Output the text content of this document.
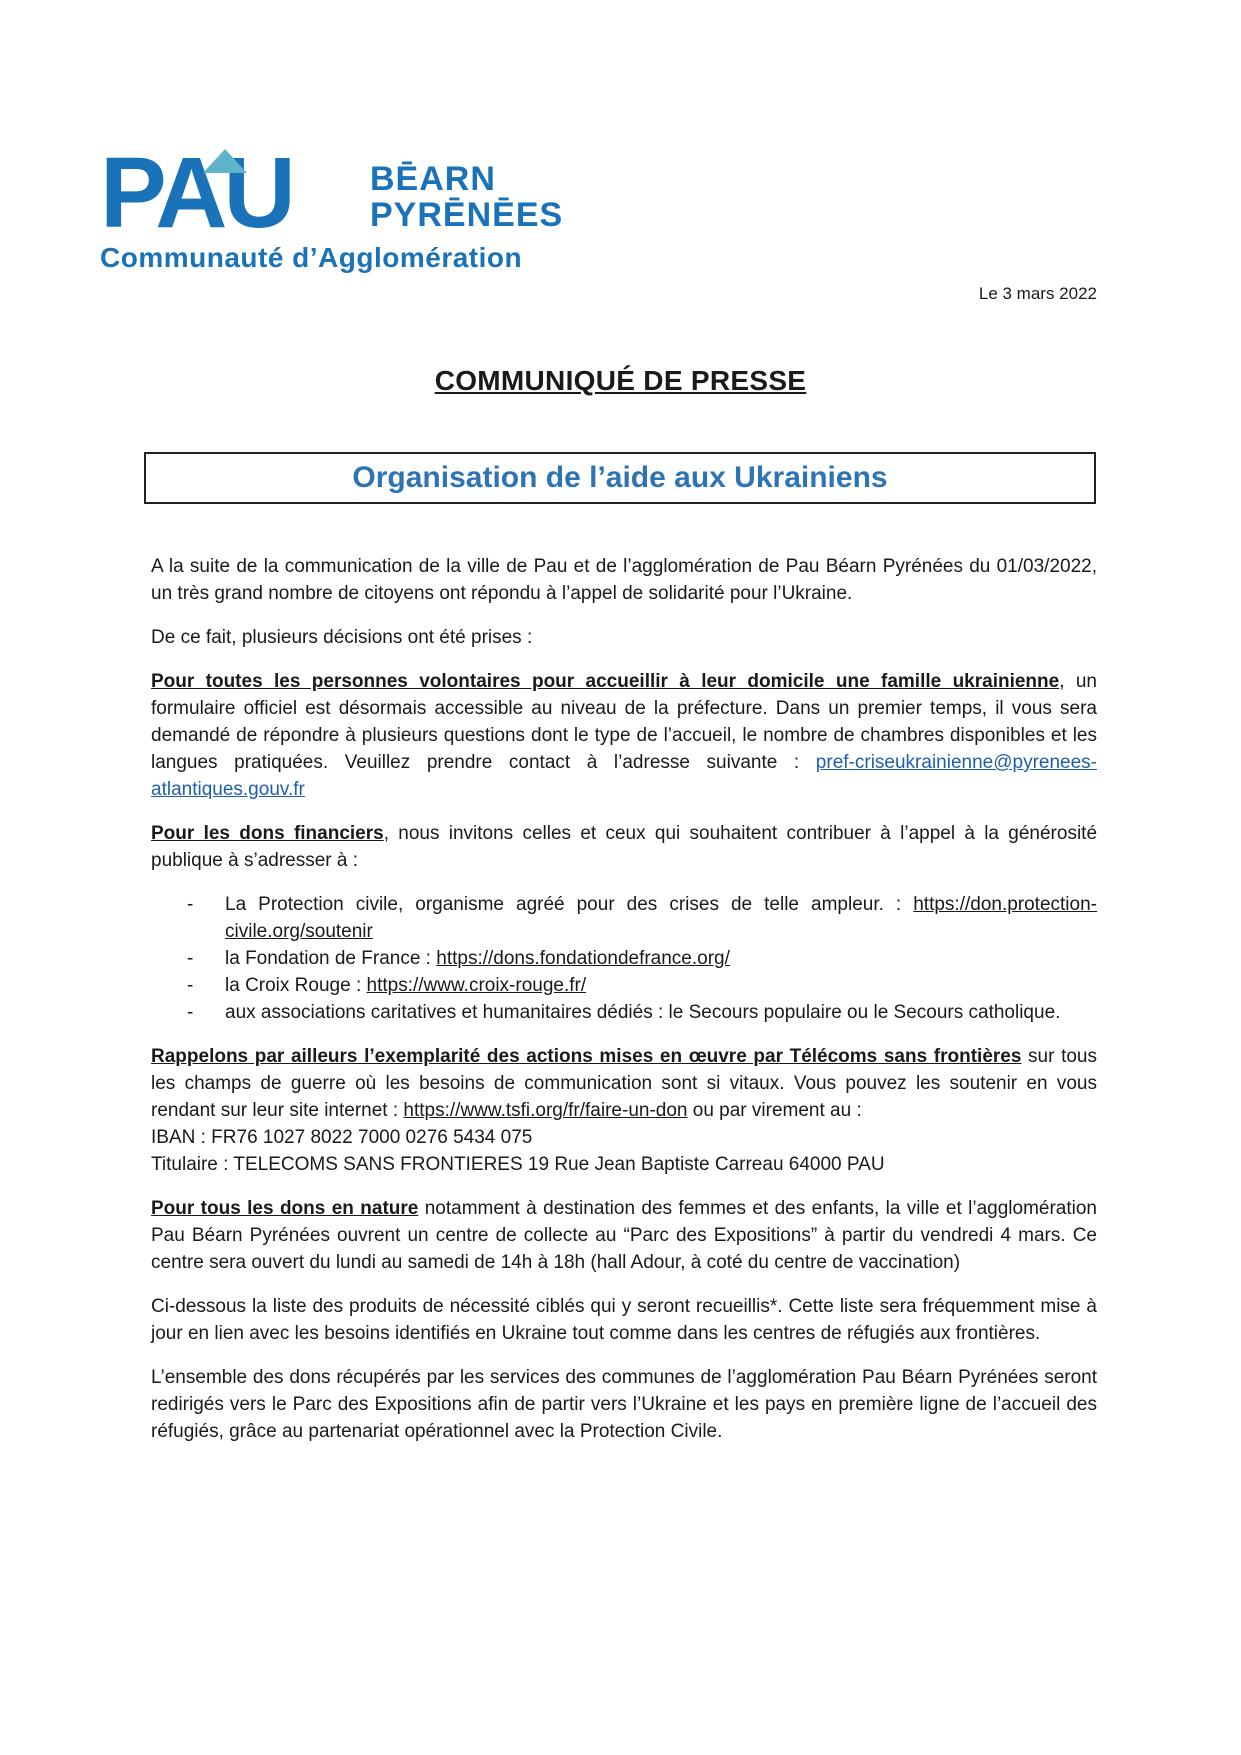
PAU BĒARN
PYRĒNĒES
Communauté d’Agglomération
Le 3 mars 2022
COMMUNIQUÉ DE PRESSE
Organisation de l’aide aux Ukrainiens

A la suite de la communication de la ville de Pau et de l’agglomération de Pau Béarn Pyrénées du 01/03/2022, un très grand nombre de citoyens ont répondu à l’appel de solidarité pour l’Ukraine.

De ce fait, plusieurs décisions ont été prises :

Pour toutes les personnes volontaires pour accueillir à leur domicile une famille ukrainienne, un formulaire officiel est désormais accessible au niveau de la préfecture. Dans un premier temps, il vous sera demandé de répondre à plusieurs questions dont le type de l’accueil, le nombre de chambres disponibles et les langues pratiquées. Veuillez prendre contact à l’adresse suivante : pref-criseukrainienne@pyrenees-atlantiques.gouv.fr

Pour les dons financiers, nous invitons celles et ceux qui souhaitent contribuer à l’appel à la générosité publique à s’adresser à :

- La Protection civile, organisme agréé pour des crises de telle ampleur. : https://don.protection-civile.org/soutenir
- la Fondation de France : https://dons.fondationdefrance.org/
- la Croix Rouge : https://www.croix-rouge.fr/
- aux associations caritatives et humanitaires dédiés : le Secours populaire ou le Secours catholique.

Rappelons par ailleurs l’exemplarité des actions mises en œuvre par Télécoms sans frontières sur tous les champs de guerre où les besoins de communication sont si vitaux. Vous pouvez les soutenir en vous rendant sur leur site internet : https://www.tsfi.org/fr/faire-un-don ou par virement au :
IBAN : FR76 1027 8022 7000 0276 5434 075
Titulaire : TELECOMS SANS FRONTIERES 19 Rue Jean Baptiste Carreau 64000 PAU

Pour tous les dons en nature notamment à destination des femmes et des enfants, la ville et l’agglomération Pau Béarn Pyrénées ouvrent un centre de collecte au “Parc des Expositions” à partir du vendredi 4 mars. Ce centre sera ouvert du lundi au samedi de 14h à 18h (hall Adour, à coté du centre de vaccination)

Ci-dessous la liste des produits de nécessité ciblés qui y seront recueillis*. Cette liste sera fréquemment mise à jour en lien avec les besoins identifiés en Ukraine tout comme dans les centres de réfugiés aux frontières.

L’ensemble des dons récupérés par les services des communes de l’agglomération Pau Béarn Pyrénées seront redirigés vers le Parc des Expositions afin de partir vers l’Ukraine et les pays en première ligne de l’accueil des réfugiés, grâce au partenariat opérationnel avec la Protection Civile.
